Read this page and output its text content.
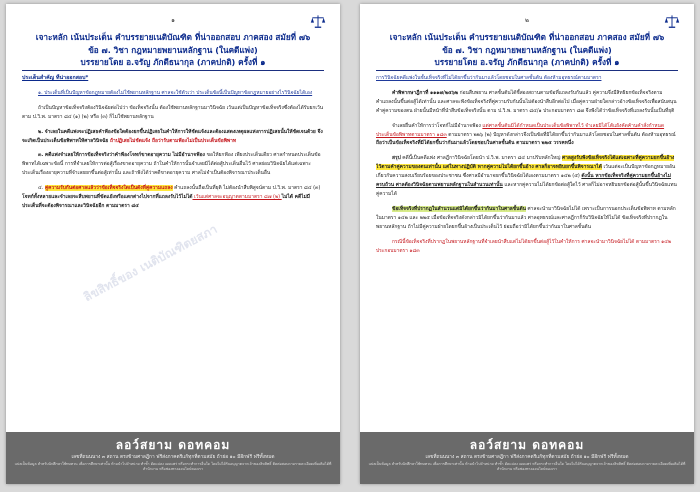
๑
เจาะหลัก เน้นประเด็น คำบรรยายเนติบัณฑิต ที่น่าออกสอบ ภาคสอง สมัยที่ ๗๖
ข้อ ๗. วิชา กฎหมายพยานหลักฐาน (ในคดีแพ่ง)
บรรยายโดย อ.จรัญ ภักดีธนากุล (ภาคปกติ) ครั้งที่ ๑

ประเด็นสำคัญ ที่น่าออกสอบ*

๑. ประเด็นที่เป็นปัญหาข้อกฎหมายต้องไม่ใช้พยานหลักฐาน ศาลจะใช้ตัวเว่า ประเด็นข้อนี้เป็นปัญหาข้อกฎหมายอย่างไรวินิจฉัยได้เอง

ถ้าเป็นปัญหาข้อเท็จจริงต้องวินิจฉัยต่อไปว่า ข้อเท็จจริงนั้น ต้องใช้พยานหลักฐานมาวินิจฉัย เว้นแต่เป็นปัญหาข้อเท็จจริงซึ่งต้องได้รับยกเว้นตาม ป.วิ.พ. มาตรา ๘๔ (๑) (๒) หรือ (๓) ก็ไม่ใช้พยานหลักฐาน

๒. จำเลยในคดีแพ่งจะปฏิเสธคำฟ้องข้อใดต้องยกขึ้นปฏิเสธในคำให้การให้ชัดแจ้งและต้องแสดงเหตุผลแห่งการปฏิเสธนั้นให้ชัดเจนด้วย จึงจะเกิดเป็นประเด็นข้อพิพาทให้ศาลวินิจฉัย ถ้าปฏิเสธไม่ชัดแจ้ง ถือว่ารับตามฟ้องไม่เป็นประเด็นข้อพิพาท

๓. คดีแพ่งจำเลยให้การข้อเท็จจริงว่าคำฟ้องโจทก์ขาดอายุความ ไม่มีอำนาจฟ้อง ขอให้ยกฟ้อง เพียงประเด็นเดียว ศาลกำหนดประเด็นข้อพิพาทได้เฉพาะข้อนี้ การที่จำเลยให้การต่อสู้เรื่องขาดอายุความ ถ้าในคำให้การนั้นจำเลยมิได้ต่อสู้ประเด็นอื่นไว้ ศาลย่อมวินิจฉัยได้แต่เฉพาะประเด็นเรื่องอายุความที่จำเลยยกขึ้นต่อสู้เท่านั้น และถ้าฟังได้ว่าคดีขาดอายุความ ศาลไม่จำเป็นต้องพิจารณาประเด็นอื่น

๔. คู่ความรับกันต่อศาลแล้วว่าข้อเท็จจริงใดเป็นดังที่คู่ความแถลง คำแถลงนั้นถือเป็นที่ยุติ ไม่ต้องนำสืบพิสูจน์ตาม ป.วิ.พ. มาตรา ๘๔ (๓) โจทก์ทั้งหลายและจำเลยจะสืบพยานที่ขัดแย้งหรือแตกต่างไปจากที่แถลงรับไว้ไม่ได้ เว้นแต่ศาลจะอนุญาตตามมาตรา ๘๗ (๒) ไม่ได้ คดีไม่มีประเด็นที่จะต้องพิจารณาและวินิจฉัยอีก ตามมาตรา ๘๔

ลิขสิทธิ์ของ เนติบัณฑิตยสภา
ลอว์สยาม ดอทคอม
เลขที่ถนนนาง ๓ สถาน ตรงข้ามศาลฎีกา ฟรีส่งภาคตรีแก้ทุกที่ตามสมัย ถ้าย่อ ๑๐ มีอีกฟรี ฟรีทั้งหมด
แปลเป็นข้อมูล สำหรับนักศึกษาใช้ทบทวน เพื่อการศึกษาเท่านั้น ห้ามนำไปจำหน่าย ทำซ้ำ ดัดแปลง เผยแพร่ หรือกระทำการอื่นใด โดยไม่ได้รับอนุญาตจากเจ้าของลิขสิทธิ์ ติดต่อสอบถามรายละเอียดเพิ่มเติมได้ที่สำนักงาน หรือช่องทางออนไลน์ของเรา
๒
เจาะหลัก เน้นประเด็น คำบรรยายเนติบัณฑิต ที่น่าออกสอบ ภาคสอง สมัยที่ ๗๖
ข้อ ๗. วิชา กฎหมายพยานหลักฐาน (ในคดีแพ่ง)
บรรยายโดย อ.จรัญ ภักดีธนากุล (ภาคปกติ) ครั้งที่ ๑

การวินิจฉัยคดีแพ่งในชั้นเท็จจริงที่ไม่ได้ยกขึ้นว่ากันมาแล้วโดยชอบในศาลชั้นต้น ต้องห้ามอุทธรณ์ตามมาตรา

คำพิพากษาฎีกาที่ ๑๑๑๗/๒๕๖๒ ก่อนสืบพยาน ศาลชั้นต้นได้ชี้สองสถานตามข้อที่แถลงรับกันแล้ว คู่ความจึงมีสิทธิยกข้อเท็จจริงตามคำแถลงนั้นขึ้นต่อสู้ได้เท่านั้น และศาลจะฟังข้อเท็จจริงที่คู่ความรับกันนั้นไม่ต้องนำสืบอีกต่อไป เมื่อคู่ความฝ่ายใดกล่าวอ้างข้อเท็จจริงเพื่อสนับสนุนคำคู่ความของตน ฝ่ายนั้นมีหน้าที่นำสืบข้อเท็จจริงนั้น ตาม ป.วิ.พ. มาตรา ๘๔/๑ ประกอบมาตรา ๘๗ จึงฟังได้ว่าข้อเท็จจริงที่แถลงรับนั้นเป็นที่ยุติ

จำเลยยื่นคำให้การว่าโจทก์ไม่มีอำนาจฟ้อง แต่ศาลชั้นต้นมิได้กำหนดเป็นประเด็นข้อพิพาทไว้ จำเลยมิได้โต้แย้งคัดค้านคำสั่งกำหนดประเด็นข้อพิพาทตามมาตรา ๑๘๓ ตามมาตรา ๒๒๖ (๒) ปัญหาดังกล่าวจึงเป็นข้อที่มิได้ยกขึ้นว่ากันมาแล้วโดยชอบในศาลชั้นต้น ต้องห้ามอุทธรณ์ ถือว่าเป็นข้อเท็จจริงที่มิได้ยกขึ้นว่ากันมาแล้วโดยชอบในศาลชั้นต้น ตามมาตรา ๒๒๕ วรรคหนึ่ง

สรุป คดีนี้เป็นคดีแพ่ง ศาลฎีกาวินิจฉัยโดยนำ ป.วิ.พ. มาตรา ๘๔ มาปรับหลักใหญ่ ศาลสูงรับฟังข้อเท็จจริงได้แต่เฉพาะที่คู่ความยกขึ้นอ้างไว้ตามคำคู่ความของตนเท่านั้น แต่ในทางปฏิบัติ หากคู่ความไม่ได้ยกขึ้นอ้าง ศาลก็อาจหยิบยกขึ้นพิจารณาได้ เว้นแต่จะเป็นปัญหาข้อกฎหมายอันเกี่ยวกับความสงบเรียบร้อยของประชาชน ซึ่งศาลมีอำนาจยกขึ้นวินิจฉัยได้เองตามมาตรา ๑๔๒ (๕) ดังนั้น หากข้อเท็จจริงที่คู่ความยกขึ้นอ้างไม่ครบถ้วน ศาลต้องวินิจฉัยตามพยานหลักฐานในสำนวนเท่านั้น และหากคู่ความไม่ได้ยกข้อต่อสู้ใดไว้ ศาลก็ไม่อาจหยิบยกข้อต่อสู้นั้นขึ้นวินิจฉัยแทนคู่ความได้

ข้อเท็จจริงที่ปรากฏในสำนวนแต่มิได้ยกขึ้นว่ากันมาในศาลชั้นต้น ศาลจะนำมาวินิจฉัยไม่ได้ เพราะเป็นการนอกประเด็นข้อพิพาท ตามหลักในมาตรา ๑๔๒ และ ๒๒๕ เมื่อข้อเท็จจริงดังกล่าวมิได้ยกขึ้นว่ากันมาแล้ว ศาลอุทธรณ์และศาลฎีกาก็รับวินิจฉัยให้ไม่ได้ ข้อเท็จจริงที่ปรากฏในพยานหลักฐาน ถ้าไม่มีคู่ความฝ่ายใดยกขึ้นอ้างเป็นประเด็นไว้ ย่อมถือว่ามิได้ยกขึ้นว่ากันมาในศาลชั้นต้น

กรณีนี้ข้อเท็จจริงที่ปรากฏในพยานหลักฐานที่จำเลยนำสืบแต่ไม่ได้ยกขึ้นต่อสู้ไว้ในคำให้การ ศาลจะนำมาวินิจฉัยไม่ได้ ตามมาตรา ๑๔๒ ประกอบมาตรา ๑๘๓

ลอว์สยาม ดอทคอม
เลขที่ถนนนาง ๓ สถาน ตรงข้ามศาลฎีกา ฟรีส่งภาคตรีแก้ทุกที่ตามสมัย ถ้าย่อ ๑๐ มีอีกฟรี ฟรีทั้งหมด
แปลเป็นข้อมูล สำหรับนักศึกษาใช้ทบทวน เพื่อการศึกษาเท่านั้น ห้ามนำไปจำหน่าย ทำซ้ำ ดัดแปลง เผยแพร่ หรือกระทำการอื่นใด โดยไม่ได้รับอนุญาตจากเจ้าของลิขสิทธิ์ ติดต่อสอบถามรายละเอียดเพิ่มเติมได้ที่สำนักงาน หรือช่องทางออนไลน์ของเรา
